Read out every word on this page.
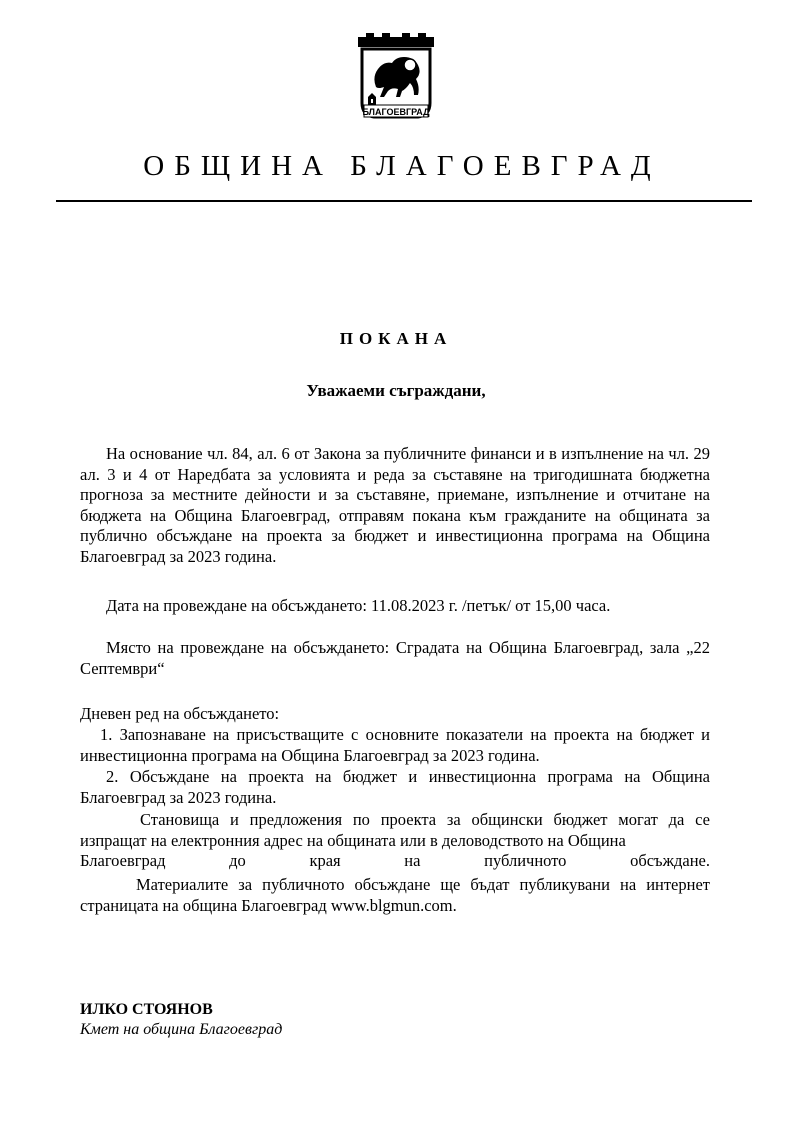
БЛАГОЕВГРАД
ОБЩИНА БЛАГОЕВГРАД
ПОКАНА
Уважаеми съграждани,
На основание чл. 84, ал. 6 от Закона за публичните финанси и в изпълнение на чл. 29 ал. 3 и 4 от Наредбата за условията и реда за съставяне на тригодишната бюджетна прогноза за местните дейности и за съставяне, приемане, изпълнение и отчитане на бюджета на Община Благоевград, отправям покана към гражданите на общината за публично обсъждане на проекта за бюджет и инвестиционна програма на Община Благоевград за 2023 година.
Дата на провеждане на обсъждането: 11.08.2023 г. /петък/ от 15,00 часа.
Място на провеждане на обсъждането: Сградата на Община Благоевград, зала „22 Септември“
Дневен ред на обсъждането:
1. Запознаване на присъстващите с основните показатели на проекта на бюджет и инвестиционна програма на Община Благоевград за 2023 година.
2. Обсъждане на проекта на бюджет и инвестиционна програма на Община Благоевград за 2023 година.
Становища и предложения по проекта за общински бюджет могат да се изпращат на електронния адрес на общината или в деловодството на Община
Благоевград до края на публичното обсъждане.
Материалите за публичното обсъждане ще бъдат публикувани на интернет страницата на община Благоевград www.blgmun.com.
ИЛКО СТОЯНОВ
Кмет на община Благоевград
